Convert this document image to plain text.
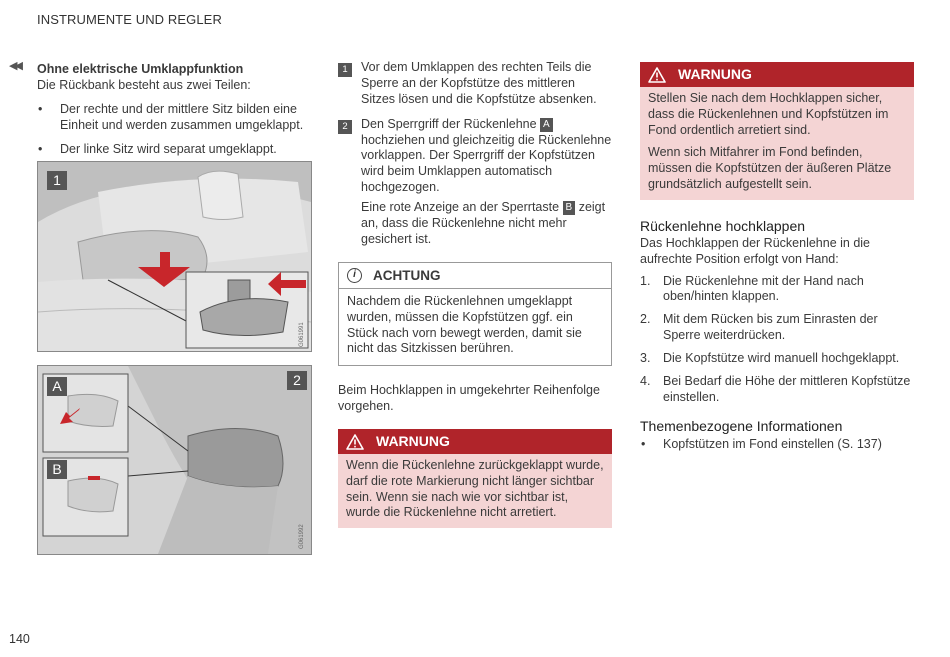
INSTRUMENTE UND REGLER
◀◀
140

Ohne elektrische Umklappfunktion

Die Rückbank besteht aus zwei Teilen:

• Der rechte und der mittlere Sitz bilden eine Einheit und werden zusammen umgeklappt.
• Der linke Sitz wird separat umgeklappt.
1
G061991
A
B
2
G061992
1	Vor dem Umklappen des rechten Teils die Sperre an der Kopfstütze des mittleren Sitzes lösen und die Kopfstütze absenken.
2	Den Sperrgriff der Rückenlehne A hochziehen und gleichzeitig die Rückenlehne vorklappen. Der Sperrgriff der Kopfstützen wird beim Umklappen automatisch hochgezogen.
Eine rote Anzeige an der Sperrtaste B zeigt an, dass die Rückenlehne nicht mehr gesichert ist.
i	ACHTUNG
Nachdem die Rückenlehnen umgeklappt wurden, müssen die Kopfstützen ggf. ein Stück nach vorn bewegt werden, damit sie nicht das Sitzkissen berühren.

Beim Hochklappen in umgekehrter Reihenfolge vorgehen.

WARNUNG
Wenn die Rückenlehne zurückgeklappt wurde, darf die rote Markierung nicht länger sichtbar sein. Wenn sie nach wie vor sichtbar ist, wurde die Rückenlehne nicht arretiert.
WARNUNG

Stellen Sie nach dem Hochklappen sicher, dass die Rückenlehnen und Kopfstützen im Fond ordentlich arretiert sind.

Wenn sich Mitfahrer im Fond befinden, müssen die Kopfstützen der äußeren Plätze grundsätzlich aufgestellt sein.

Rückenlehne hochklappen

Das Hochklappen der Rückenlehne in die aufrechte Position erfolgt von Hand:

1. Die Rückenlehne mit der Hand nach oben/hinten klappen.
2. Mit dem Rücken bis zum Einrasten der Sperre weiterdrücken.
3. Die Kopfstütze wird manuell hochgeklappt.
4. Bei Bedarf die Höhe der mittleren Kopfstütze einstellen.
Themenbezogene Informationen
• Kopfstützen im Fond einstellen (S. 137)
